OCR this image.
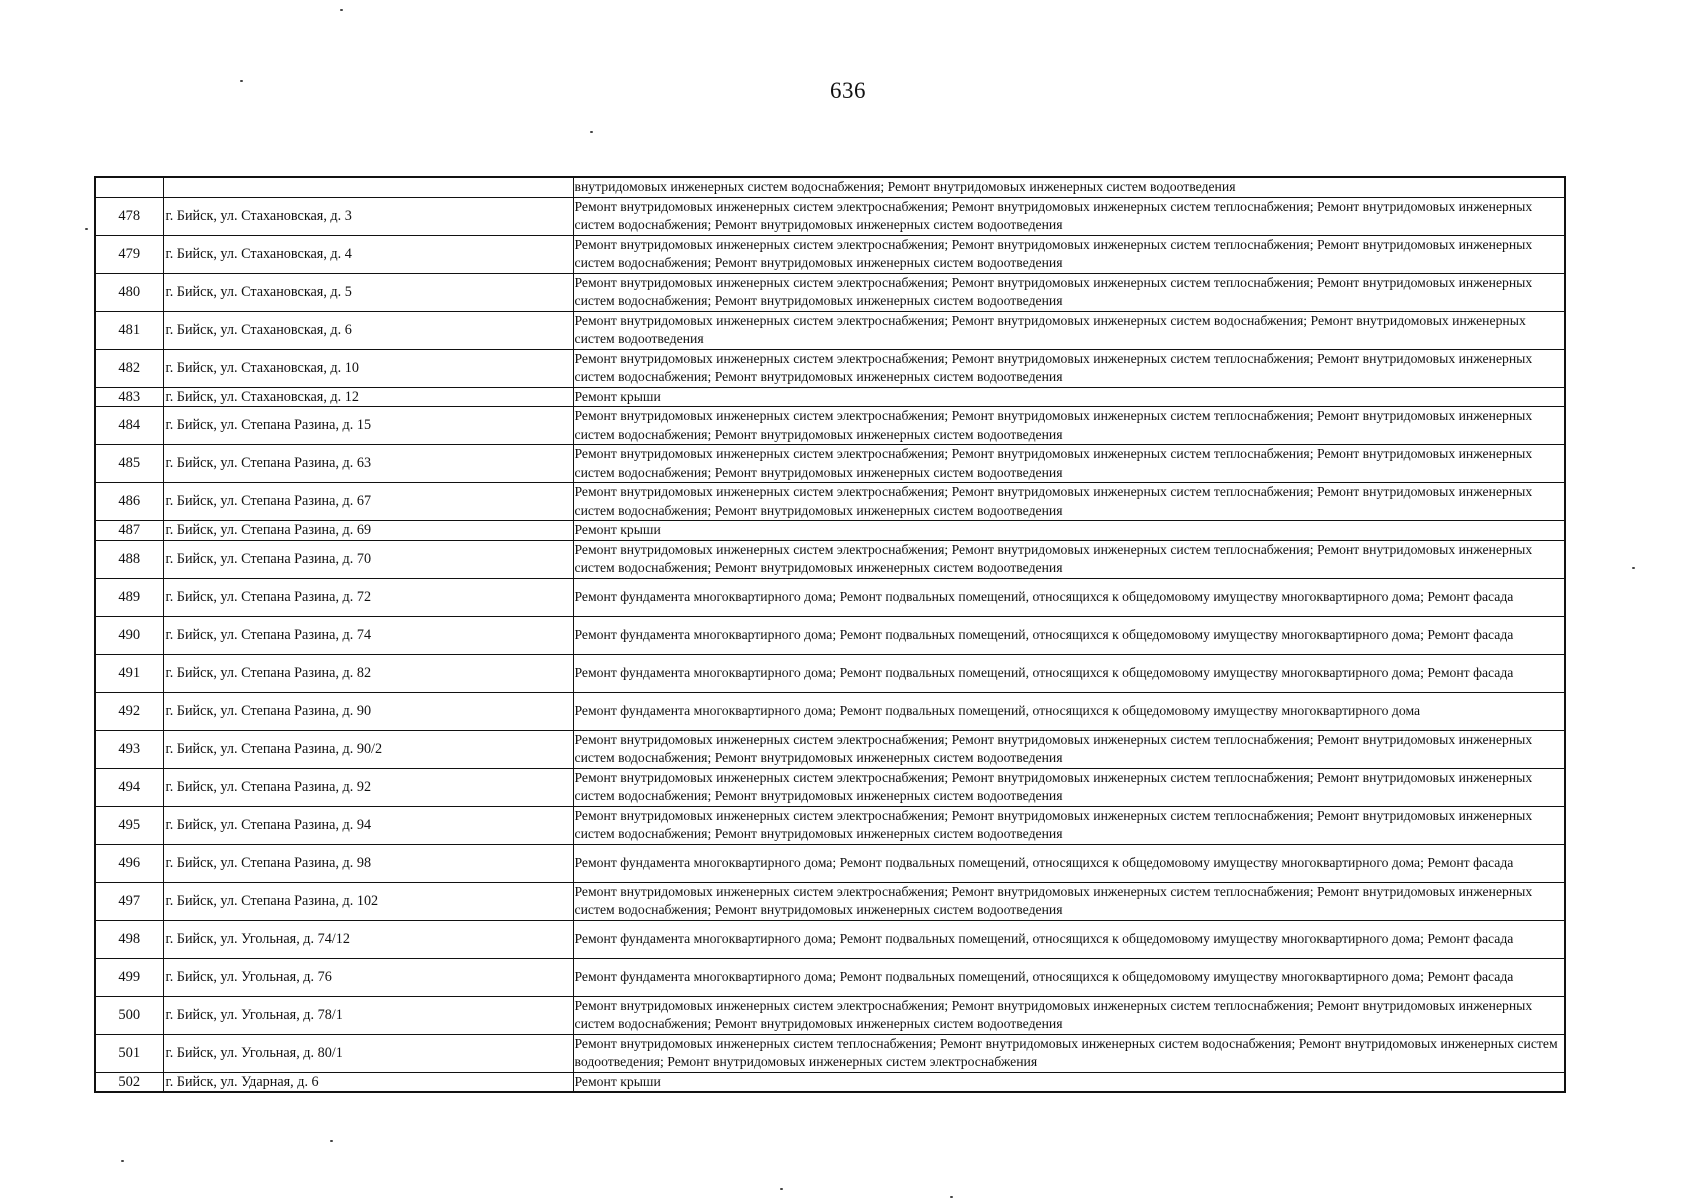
636
		внутридомовых инженерных систем водоснабжения; Ремонт внутридомовых инженерных систем водоотведения
478	г. Бийск, ул. Стахановская, д. 3	Ремонт внутридомовых инженерных систем электроснабжения; Ремонт внутридомовых инженерных систем теплоснабжения; Ремонт внутридомовых инженерных систем водоснабжения; Ремонт внутридомовых инженерных систем водоотведения
479	г. Бийск, ул. Стахановская, д. 4	Ремонт внутридомовых инженерных систем электроснабжения; Ремонт внутридомовых инженерных систем теплоснабжения; Ремонт внутридомовых инженерных систем водоснабжения; Ремонт внутридомовых инженерных систем водоотведения
480	г. Бийск, ул. Стахановская, д. 5	Ремонт внутридомовых инженерных систем электроснабжения; Ремонт внутридомовых инженерных систем теплоснабжения; Ремонт внутридомовых инженерных систем водоснабжения; Ремонт внутридомовых инженерных систем водоотведения
481	г. Бийск, ул. Стахановская, д. 6	Ремонт внутридомовых инженерных систем электроснабжения; Ремонт внутридомовых инженерных систем водоснабжения; Ремонт внутридомовых инженерных систем водоотведения
482	г. Бийск, ул. Стахановская, д. 10	Ремонт внутридомовых инженерных систем электроснабжения; Ремонт внутридомовых инженерных систем теплоснабжения; Ремонт внутридомовых инженерных систем водоснабжения; Ремонт внутридомовых инженерных систем водоотведения
483	г. Бийск, ул. Стахановская, д. 12	Ремонт крыши
484	г. Бийск, ул. Степана Разина, д. 15	Ремонт внутридомовых инженерных систем электроснабжения; Ремонт внутридомовых инженерных систем теплоснабжения; Ремонт внутридомовых инженерных систем водоснабжения; Ремонт внутридомовых инженерных систем водоотведения
485	г. Бийск, ул. Степана Разина, д. 63	Ремонт внутридомовых инженерных систем электроснабжения; Ремонт внутридомовых инженерных систем теплоснабжения; Ремонт внутридомовых инженерных систем водоснабжения; Ремонт внутридомовых инженерных систем водоотведения
486	г. Бийск, ул. Степана Разина, д. 67	Ремонт внутридомовых инженерных систем электроснабжения; Ремонт внутридомовых инженерных систем теплоснабжения; Ремонт внутридомовых инженерных систем водоснабжения; Ремонт внутридомовых инженерных систем водоотведения
487	г. Бийск, ул. Степана Разина, д. 69	Ремонт крыши
488	г. Бийск, ул. Степана Разина, д. 70	Ремонт внутридомовых инженерных систем электроснабжения; Ремонт внутридомовых инженерных систем теплоснабжения; Ремонт внутридомовых инженерных систем водоснабжения; Ремонт внутридомовых инженерных систем водоотведения
489	г. Бийск, ул. Степана Разина, д. 72	Ремонт фундамента многоквартирного дома; Ремонт подвальных помещений, относящихся к общедомовому имуществу многоквартирного дома; Ремонт фасада
490	г. Бийск, ул. Степана Разина, д. 74	Ремонт фундамента многоквартирного дома; Ремонт подвальных помещений, относящихся к общедомовому имуществу многоквартирного дома; Ремонт фасада
491	г. Бийск, ул. Степана Разина, д. 82	Ремонт фундамента многоквартирного дома; Ремонт подвальных помещений, относящихся к общедомовому имуществу многоквартирного дома; Ремонт фасада
492	г. Бийск, ул. Степана Разина, д. 90	Ремонт фундамента многоквартирного дома; Ремонт подвальных помещений, относящихся к общедомовому имуществу многоквартирного дома
493	г. Бийск, ул. Степана Разина, д. 90/2	Ремонт внутридомовых инженерных систем электроснабжения; Ремонт внутридомовых инженерных систем теплоснабжения; Ремонт внутридомовых инженерных систем водоснабжения; Ремонт внутридомовых инженерных систем водоотведения
494	г. Бийск, ул. Степана Разина, д. 92	Ремонт внутридомовых инженерных систем электроснабжения; Ремонт внутридомовых инженерных систем теплоснабжения; Ремонт внутридомовых инженерных систем водоснабжения; Ремонт внутридомовых инженерных систем водоотведения
495	г. Бийск, ул. Степана Разина, д. 94	Ремонт внутридомовых инженерных систем электроснабжения; Ремонт внутридомовых инженерных систем теплоснабжения; Ремонт внутридомовых инженерных систем водоснабжения; Ремонт внутридомовых инженерных систем водоотведения
496	г. Бийск, ул. Степана Разина, д. 98	Ремонт фундамента многоквартирного дома; Ремонт подвальных помещений, относящихся к общедомовому имуществу многоквартирного дома; Ремонт фасада
497	г. Бийск, ул. Степана Разина, д. 102	Ремонт внутридомовых инженерных систем электроснабжения; Ремонт внутридомовых инженерных систем теплоснабжения; Ремонт внутридомовых инженерных систем водоснабжения; Ремонт внутридомовых инженерных систем водоотведения
498	г. Бийск, ул. Угольная, д. 74/12	Ремонт фундамента многоквартирного дома; Ремонт подвальных помещений, относящихся к общедомовому имуществу многоквартирного дома; Ремонт фасада
499	г. Бийск, ул. Угольная, д. 76	Ремонт фундамента многоквартирного дома; Ремонт подвальных помещений, относящихся к общедомовому имуществу многоквартирного дома; Ремонт фасада
500	г. Бийск, ул. Угольная, д. 78/1	Ремонт внутридомовых инженерных систем электроснабжения; Ремонт внутридомовых инженерных систем теплоснабжения; Ремонт внутридомовых инженерных систем водоснабжения; Ремонт внутридомовых инженерных систем водоотведения
501	г. Бийск, ул. Угольная, д. 80/1	Ремонт внутридомовых инженерных систем теплоснабжения; Ремонт внутридомовых инженерных систем водоснабжения; Ремонт внутридомовых инженерных систем водоотведения; Ремонт внутридомовых инженерных систем электроснабжения
502	г. Бийск, ул. Ударная, д. 6	Ремонт крыши
